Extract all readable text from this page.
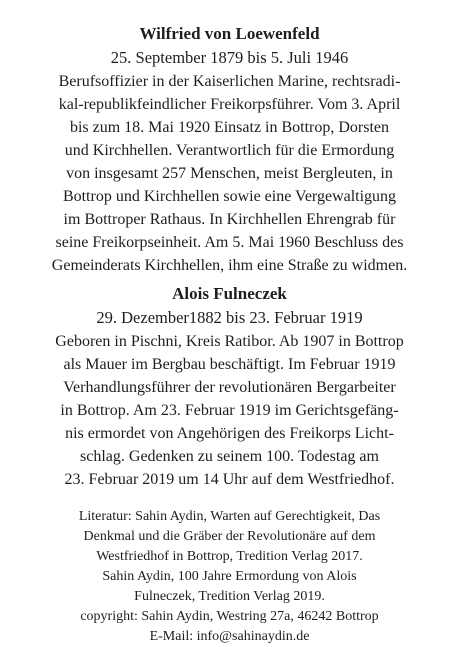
Wilfried von Loewenfeld

25. September 1879 bis 5. Juli 1946

Berufsoffizier in der Kaiserlichen Marine, rechtsradi-

kal-republikfeindlicher Freikorpsführer. Vom 3. April

bis zum 18. Mai 1920 Einsatz in Bottrop, Dorsten

und Kirchhellen. Verantwortlich für die Ermordung

von insgesamt 257 Menschen, meist Bergleuten, in

Bottrop und Kirchhellen sowie eine Vergewaltigung

im Bottroper Rathaus. In Kirchhellen Ehrengrab für

seine Freikorpseinheit. Am 5. Mai 1960 Beschluss des

Gemeinderats Kirchhellen, ihm eine Straße zu widmen.

Alois Fulneczek

29. Dezember1882 bis 23. Februar 1919

Geboren in Pischni, Kreis Ratibor. Ab 1907 in Bottrop

als Mauer im Bergbau beschäftigt. Im Februar 1919

Verhandlungsführer der revolutionären Bergarbeiter

in Bottrop. Am 23. Februar 1919 im Gerichtsgefäng-

nis ermordet von Angehörigen des Freikorps Licht-

schlag. Gedenken zu seinem 100. Todestag am

23. Februar 2019 um 14 Uhr auf dem Westfriedhof.

Literatur: Sahin Aydin, Warten auf Gerechtigkeit, Das

Denkmal und die Gräber der Revolutionäre auf dem

Westfriedhof in Bottrop, Tredition Verlag 2017.

Sahin Aydin, 100 Jahre Ermordung von Alois

Fulneczek, Tredition Verlag 2019.

copyright: Sahin Aydin, Westring 27a, 46242 Bottrop

E-Mail: info@sahinaydin.de
